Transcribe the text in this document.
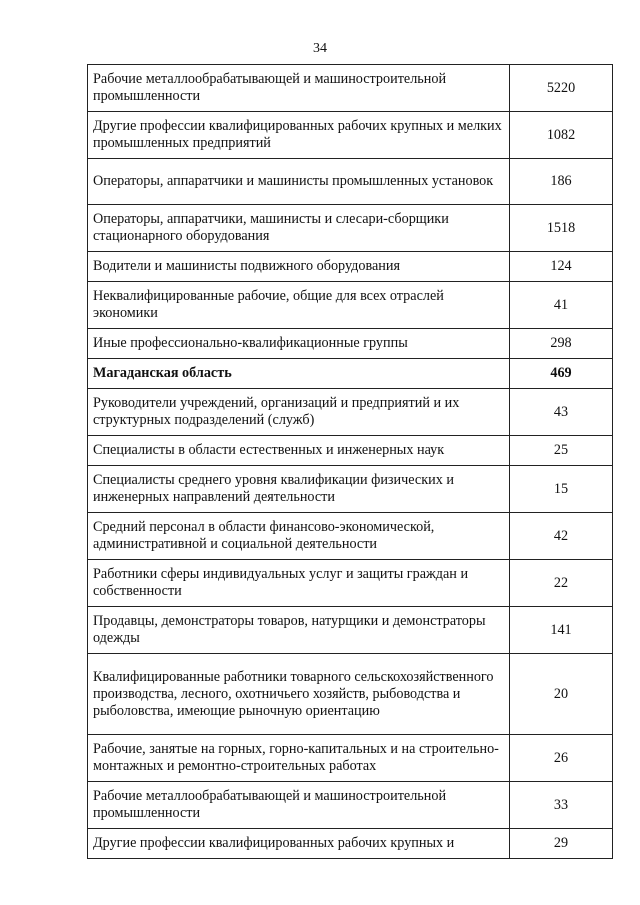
34
Рабочие металлообрабатывающей и машиностроительной промышленности	5220
Другие профессии квалифицированных рабочих крупных и мелких промышленных предприятий	1082
Операторы, аппаратчики и машинисты промышленных установок	186
Операторы, аппаратчики, машинисты и слесари-сборщики стационарного оборудования	1518
Водители и машинисты подвижного оборудования	124
Неквалифицированные рабочие, общие для всех отраслей экономики	41
Иные профессионально-квалификационные группы	298
Магаданская область	469
Руководители учреждений, организаций и предприятий и их структурных подразделений (служб)	43
Специалисты в области естественных и инженерных наук	25
Специалисты среднего уровня квалификации физических и инженерных направлений деятельности	15
Средний персонал в области финансово-экономической, административной и социальной деятельности	42
Работники сферы индивидуальных услуг и защиты граждан и собственности	22
Продавцы, демонстраторы товаров, натурщики и демонстраторы одежды	141
Квалифицированные работники товарного сельскохозяйственного производства, лесного, охотничьего хозяйств, рыбоводства и рыболовства, имеющие рыночную ориентацию	20
Рабочие, занятые на горных, горно-капитальных и на строительно-монтажных и ремонтно-строительных работах	26
Рабочие металлообрабатывающей и машиностроительной промышленности	33
Другие профессии квалифицированных рабочих крупных и	29
